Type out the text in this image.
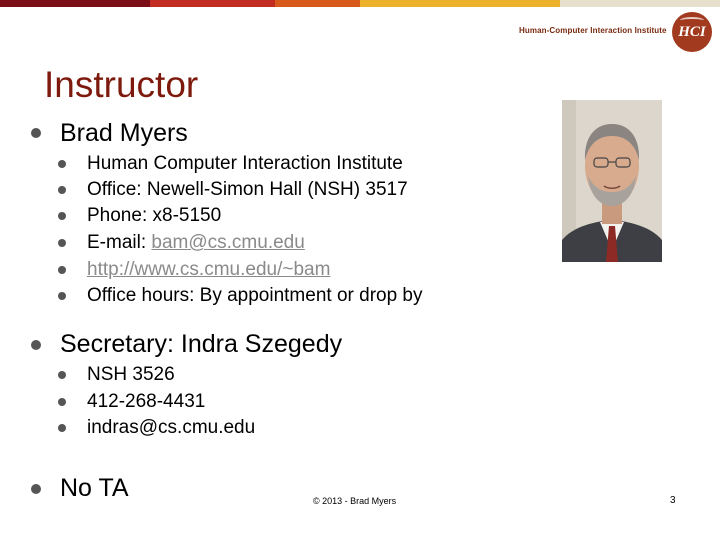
Human-Computer Interaction Institute HCI
Instructor
Brad Myers
Human Computer Interaction Institute
Office: Newell-Simon Hall (NSH) 3517
Phone: x8-5150
E-mail: bam@cs.cmu.edu
http://www.cs.cmu.edu/~bam
Office hours: By appointment or drop by
Secretary: Indra Szegedy
NSH 3526
412-268-4431
indras@cs.cmu.edu
No TA	© 2013 - Brad Myers	3
